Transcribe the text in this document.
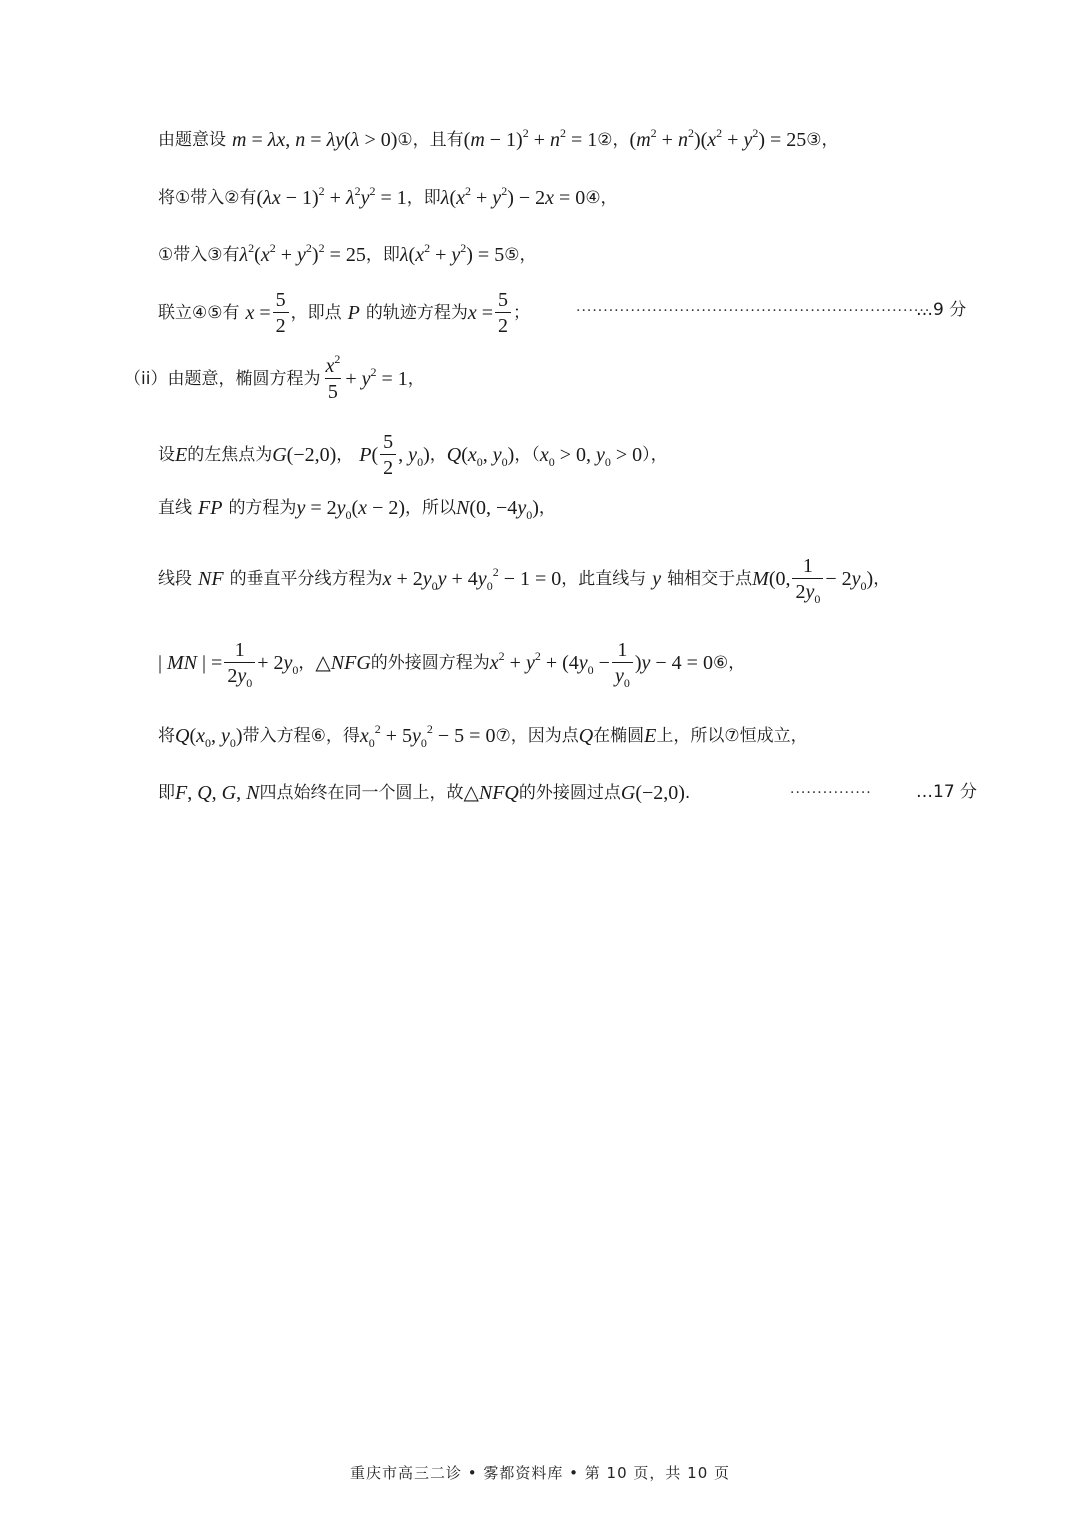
由题意设 m = λx, n = λy(λ > 0) ①，且有 $(m - 1)^2 + n^2 = 1$ ②， $(m^2 + n^2)(x^2 + y^2) = 25$ ③，
将①带入②有 $(\lambda x - 1)^2 + \lambda^2y^2 = 1$ ，即 $\lambda(x^2 + y^2) - 2x = 0$ ④，
①带入③有 $\lambda^2(x^2 + y^2)^2 = 25$ ，即 $\lambda(x^2 + y^2) = 5$ ⑤，
联立④⑤有 $x = \frac{5}{2}$ ，即点 P 的轨迹方程为 $x = \frac{5}{2}$ ；	·································································
…9 分
（ii） 由题意，椭圆方程为 $\frac{x^2}{5} + y^2 = 1$ ，
设 E 的左焦点为 G(−2,0) ， $P( \frac{5}{2}$ , $y_0$) ， $Q(x_0$, $y_0$) ，（ $x_0 > 0$, $y_0 > 0$ ），
直线 FP 的方程为 $y = 2y_0(x - 2)$ ，所以 N(0, $-4y_0$) ，
线段 NF 的垂直平分线方程为 $x + 2y_0y + 4y_0^2 - 1 = 0$ ，此直线与 y 轴相交于点 M(0, $\frac{1}{2y_0} - 2y_0$) ，
| MN | = $\frac{1}{2y_0} + 2y_0$ ， △NFG 的外接圆方程为 $x^2 + y^2 + (4y_0 - \frac{1}{y_0} )y - 4 = 0$ ⑥，
将 $Q(x_0$, $y_0$) 带入方程⑥，得 $x_0^2 + 5y_0^2 - 5 = 0$ ⑦，因为点 Q 在椭圆 E 上，所以⑦恒成立，
即 F, Q, G, N 四点始终在同一个圆上，故 △NFQ 的外接圆过点 G(−2,0) .	···············	…17 分
重庆市高三二诊 • 雾都资料库 • 第 10 页，共 10 页
